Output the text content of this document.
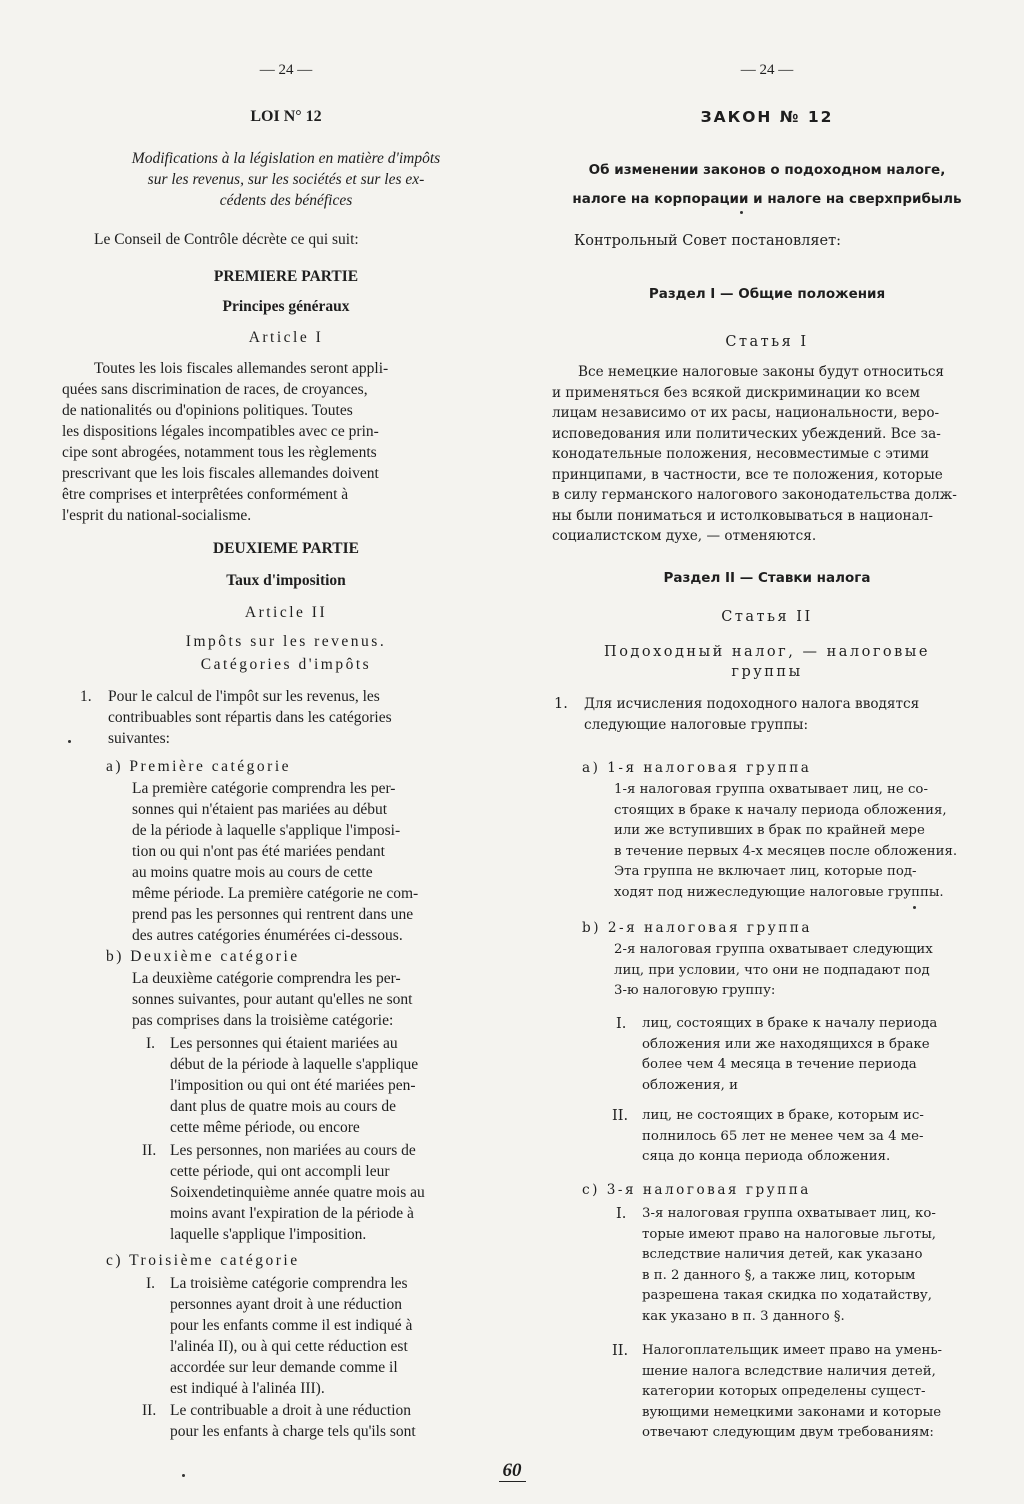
— 24 —
LOI N° 12
Modifications à la législation en matière d'impôts
sur les revenus, sur les sociétés et sur les ex-
cédents des bénéfices
Le Conseil de Contrôle décrète ce qui suit:
PREMIERE PARTIE
Principes généraux
Article I
Toutes les lois fiscales allemandes seront appli-
quées sans discrimination de races, de croyances,
de nationalités ou d'opinions politiques. Toutes
les dispositions légales incompatibles avec ce prin-
cipe sont abrogées, notamment tous les règlements
prescrivant que les lois fiscales allemandes doivent
être comprises et interprêtées conformément à
l'esprit du national-socialisme.
DEUXIEME PARTIE
Taux d'imposition
Article II
Impôts sur les revenus.
Catégories d'impôts
1. Pour le calcul de l'impôt sur les revenus, les
contribuables sont répartis dans les catégories
suivantes:
a) Première catégorie
La première catégorie comprendra les per-
sonnes qui n'étaient pas mariées au début
de la période à laquelle s'applique l'imposi-
tion ou qui n'ont pas été mariées pendant
au moins quatre mois au cours de cette
même période. La première catégorie ne com-
prend pas les personnes qui rentrent dans une
des autres catégories énumérées ci-dessous.
b) Deuxième catégorie
La deuxième catégorie comprendra les per-
sonnes suivantes, pour autant qu'elles ne sont
pas comprises dans la troisième catégorie:
I. Les personnes qui étaient mariées au
début de la période à laquelle s'applique
l'imposition ou qui ont été mariées pen-
dant plus de quatre mois au cours de
cette même période, ou encore
II. Les personnes, non mariées au cours de
cette période, qui ont accompli leur
Soixendetinquième année quatre mois au
moins avant l'expiration de la période à
laquelle s'applique l'imposition.
c) Troisième catégorie
I. La troisième catégorie comprendra les
personnes ayant droit à une réduction
pour les enfants comme il est indiqué à
l'alinéa II), ou à qui cette réduction est
accordée sur leur demande comme il
est indiqué à l'alinéa III).
II. Le contribuable a droit à une réduction
pour les enfants à charge tels qu'ils sont
— 24 —
ЗАКОН № 12
Об изменении законов о подоходном налоге,
налоге на корпорации и налоге на сверхприбыль
Контрольный Совет постановляет:
Раздел I — Общие положения
Статья I
Все немецкие налоговые законы будут относиться
и применяться без всякой дискриминации ко всем
лицам независимо от их расы, национальности, веро-
исповедования или политических убеждений. Все за-
конодательные положения, несовместимые с этими
принципами, в частности, все те положения, которые
в силу германского налогового законодательства долж-
ны были пониматься и истолковываться в национал-
социалистском духе, — отменяются.
Раздел II — Ставки налога
Статья II
Подоходный налог, — налоговые
группы
1. Для исчисления подоходного налога вводятся
следующие налоговые группы:
а) 1-я налоговая группа
1-я налоговая группа охватывает лиц, не со-
стоящих в браке к началу периода обложения,
или же вступивших в брак по крайней мере
в течение первых 4-х месяцев после обложения.
Эта группа не включает лиц, которые под-
ходят под нижеследующие налоговые группы.
b) 2-я налоговая группа
2-я налоговая группа охватывает следующих
лиц, при условии, что они не подпадают под
3-ю налоговую группу:
I. лиц, состоящих в браке к началу периода
обложения или же находящихся в браке
более чем 4 месяца в течение периода
обложения, и
II. лиц, не состоящих в браке, которым ис-
полнилось 65 лет не менее чем за 4 ме-
сяца до конца периода обложения.
с) 3-я налоговая группа
I. 3-я налоговая группа охватывает лиц, ко-
торые имеют право на налоговые льготы,
вследствие наличия детей, как указано
в п. 2 данного §, а также лиц, которым
разрешена такая скидка по ходатайству,
как указано в п. 3 данного §.
II. Налогоплательщик имеет право на умень-
шение налога вследствие наличия детей,
категории которых определены сущест-
вующими немецкими законами и которые
отвечают следующим двум требованиям:
60
